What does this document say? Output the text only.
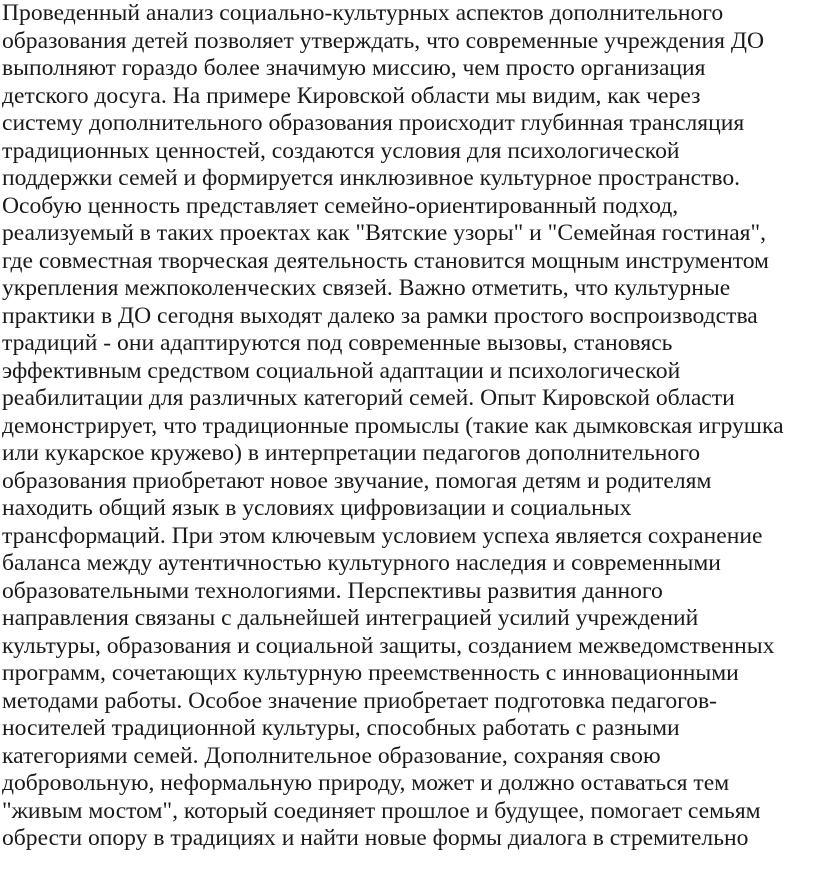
Проведенный анализ социально-культурных аспектов дополнительного
образования детей позволяет утверждать, что современные учреждения ДО
выполняют гораздо более значимую миссию, чем просто организация
детского досуга. На примере Кировской области мы видим, как через
систему дополнительного образования происходит глубинная трансляция
традиционных ценностей, создаются условия для психологической
поддержки семей и формируется инклюзивное культурное пространство.
Особую ценность представляет семейно-ориентированный подход,
реализуемый в таких проектах как "Вятские узоры" и "Семейная гостиная",
где совместная творческая деятельность становится мощным инструментом
укрепления межпоколенческих связей. Важно отметить, что культурные
практики в ДО сегодня выходят далеко за рамки простого воспроизводства
традиций - они адаптируются под современные вызовы, становясь
эффективным средством социальной адаптации и психологической
реабилитации для различных категорий семей. Опыт Кировской области
демонстрирует, что традиционные промыслы (такие как дымковская игрушка
или кукарское кружево) в интерпретации педагогов дополнительного
образования приобретают новое звучание, помогая детям и родителям
находить общий язык в условиях цифровизации и социальных
трансформаций. При этом ключевым условием успеха является сохранение
баланса между аутентичностью культурного наследия и современными
образовательными технологиями. Перспективы развития данного
направления связаны с дальнейшей интеграцией усилий учреждений
культуры, образования и социальной защиты, созданием межведомственных
программ, сочетающих культурную преемственность с инновационными
методами работы. Особое значение приобретает подготовка педагогов-
носителей традиционной культуры, способных работать с разными
категориями семей. Дополнительное образование, сохраняя свою
добровольную, неформальную природу, может и должно оставаться тем
"живым мостом", который соединяет прошлое и будущее, помогает семьям
обрести опору в традициях и найти новые формы диалога в стремительно
